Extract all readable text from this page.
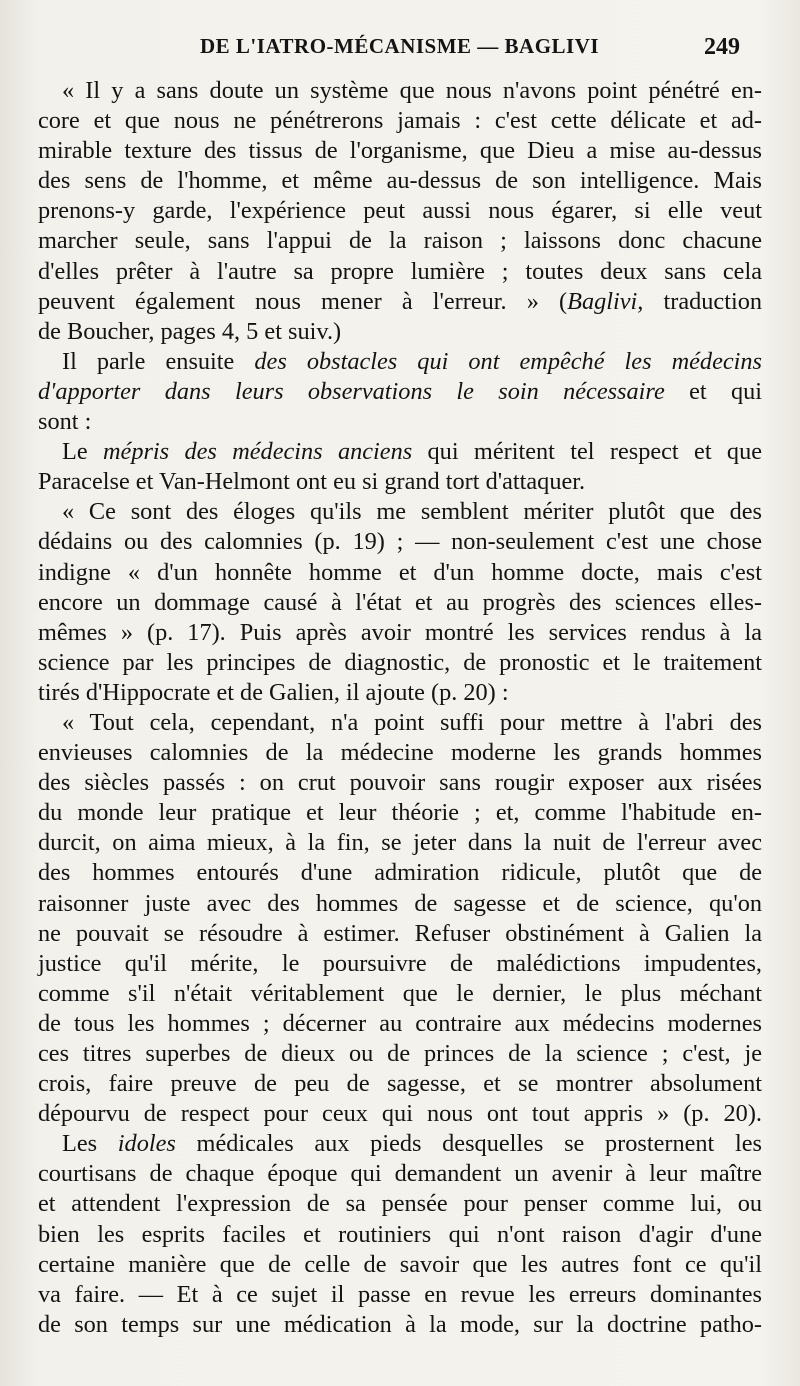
DE L'IATRO-MÉCANISME — BAGLIVI	249
« Il y a sans doute un système que nous n'avons point pénétré en-
core et que nous ne pénétrerons jamais : c'est cette délicate et ad-
mirable texture des tissus de l'organisme, que Dieu a mise au-dessus
des sens de l'homme, et même au-dessus de son intelligence. Mais
prenons-y garde, l'expérience peut aussi nous égarer, si elle veut
marcher seule, sans l'appui de la raison ; laissons donc chacune
d'elles prêter à l'autre sa propre lumière ; toutes deux sans cela
peuvent également nous mener à l'erreur. » (Baglivi, traduction
de Boucher, pages 4, 5 et suiv.)
Il parle ensuite des obstacles qui ont empêché les médecins
d'apporter dans leurs observations le soin nécessaire et qui
sont :
Le mépris des médecins anciens qui méritent tel respect et que
Paracelse et Van-Helmont ont eu si grand tort d'attaquer.
« Ce sont des éloges qu'ils me semblent mériter plutôt que des
dédains ou des calomnies (p. 19) ; — non-seulement c'est une chose
indigne « d'un honnête homme et d'un homme docte, mais c'est
encore un dommage causé à l'état et au progrès des sciences elles-
mêmes » (p. 17). Puis après avoir montré les services rendus à la
science par les principes de diagnostic, de pronostic et le traitement
tirés d'Hippocrate et de Galien, il ajoute (p. 20) :
« Tout cela, cependant, n'a point suffi pour mettre à l'abri des
envieuses calomnies de la médecine moderne les grands hommes
des siècles passés : on crut pouvoir sans rougir exposer aux risées
du monde leur pratique et leur théorie ; et, comme l'habitude en-
durcit, on aima mieux, à la fin, se jeter dans la nuit de l'erreur avec
des hommes entourés d'une admiration ridicule, plutôt que de
raisonner juste avec des hommes de sagesse et de science, qu'on
ne pouvait se résoudre à estimer. Refuser obstinément à Galien la
justice qu'il mérite, le poursuivre de malédictions impudentes,
comme s'il n'était véritablement que le dernier, le plus méchant
de tous les hommes ; décerner au contraire aux médecins modernes
ces titres superbes de dieux ou de princes de la science ; c'est, je
crois, faire preuve de peu de sagesse, et se montrer absolument
dépourvu de respect pour ceux qui nous ont tout appris » (p. 20).
Les idoles médicales aux pieds desquelles se prosternent les
courtisans de chaque époque qui demandent un avenir à leur maître
et attendent l'expression de sa pensée pour penser comme lui, ou
bien les esprits faciles et routiniers qui n'ont raison d'agir d'une
certaine manière que de celle de savoir que les autres font ce qu'il
va faire. — Et à ce sujet il passe en revue les erreurs dominantes
de son temps sur une médication à la mode, sur la doctrine patho-
